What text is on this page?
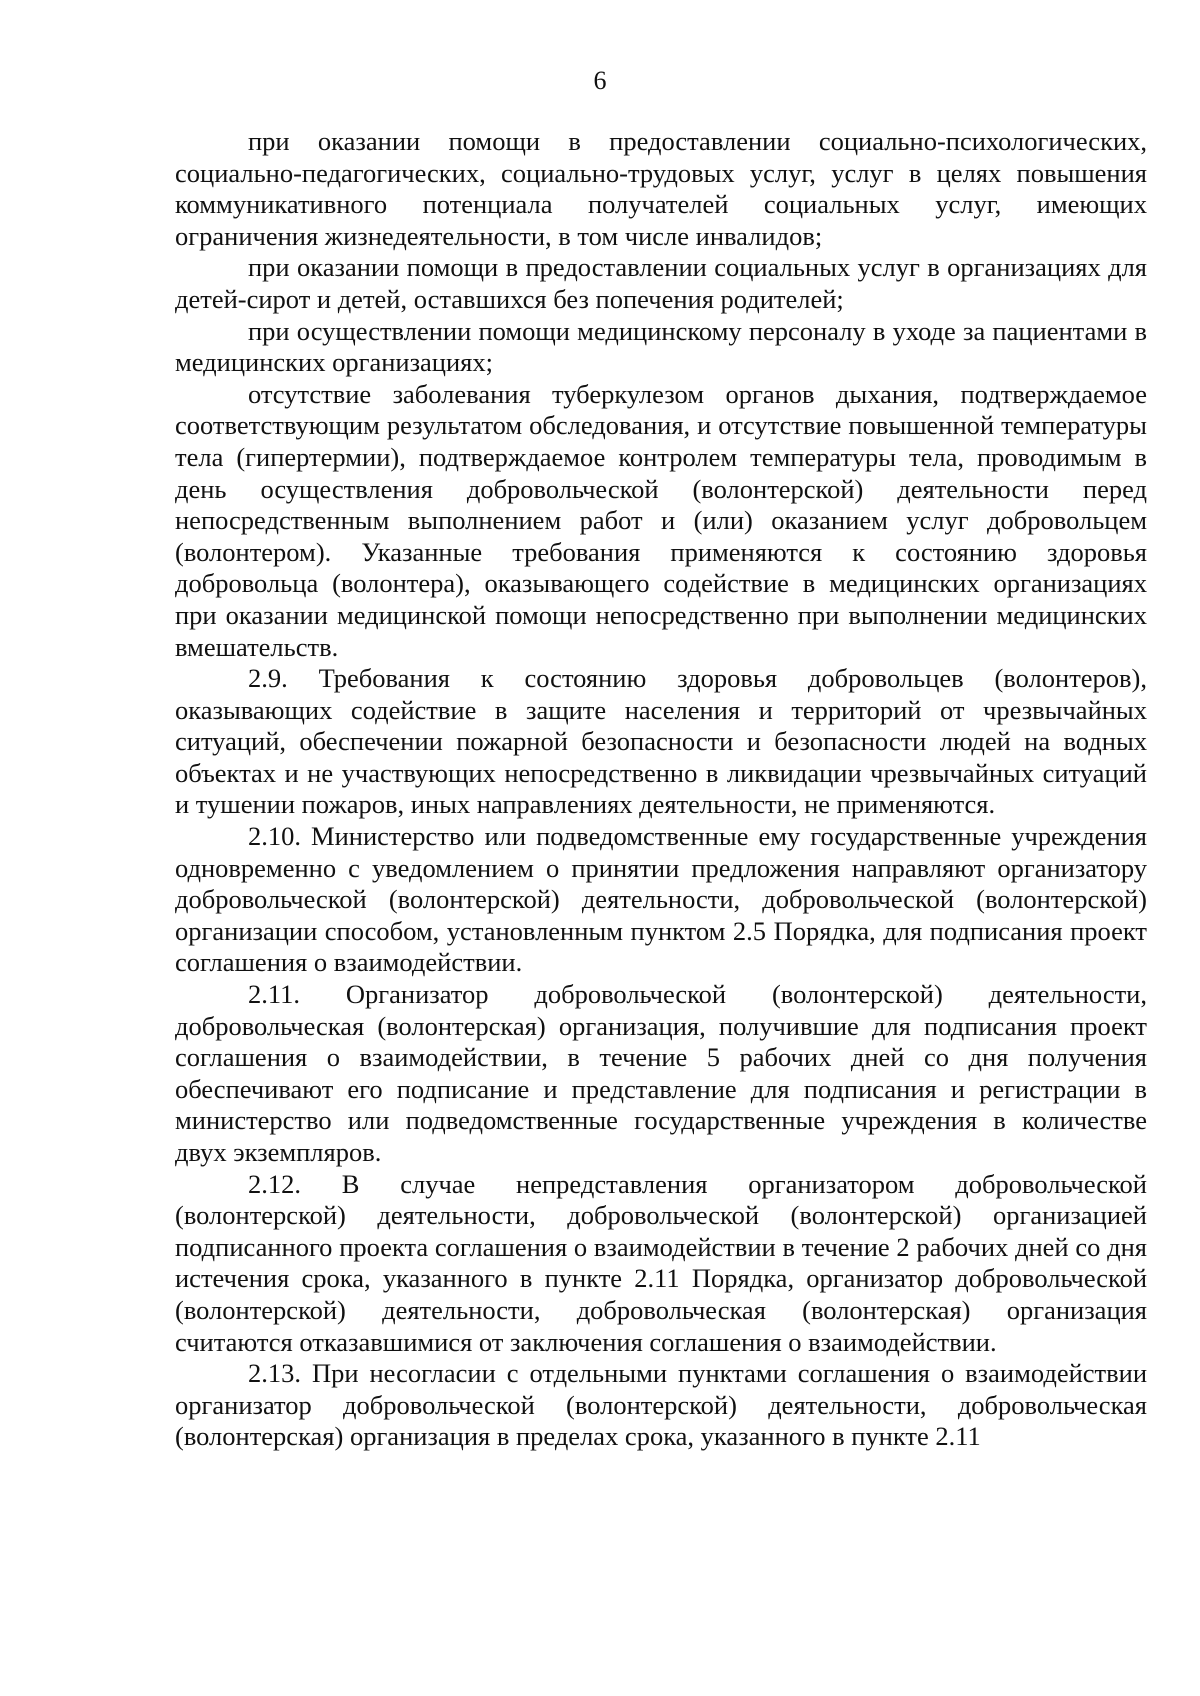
6

при оказании помощи в предоставлении социально-психологических, социально-педагогических, социально-трудовых услуг, услуг в целях повышения коммуникативного потенциала получателей социальных услуг, имеющих ограничения жизнедеятельности, в том числе инвалидов;

при оказании помощи в предоставлении социальных услуг в организациях для детей-сирот и детей, оставшихся без попечения родителей;

при осуществлении помощи медицинскому персоналу в уходе за пациентами в медицинских организациях;

отсутствие заболевания туберкулезом органов дыхания, подтверждаемое соответствующим результатом обследования, и отсутствие повышенной температуры тела (гипертермии), подтверждаемое контролем температуры тела, проводимым в день осуществления добровольческой (волонтерской) деятельности перед непосредственным выполнением работ и (или) оказанием услуг добровольцем (волонтером). Указанные требования применяются к состоянию здоровья добровольца (волонтера), оказывающего содействие в медицинских организациях при оказании медицинской помощи непосредственно при выполнении медицинских вмешательств.

2.9. Требования к состоянию здоровья добровольцев (волонтеров), оказывающих содействие в защите населения и территорий от чрезвычайных ситуаций, обеспечении пожарной безопасности и безопасности людей на водных объектах и не участвующих непосредственно в ликвидации чрезвычайных ситуаций и тушении пожаров, иных направлениях деятельности, не применяются.

2.10. Министерство или подведомственные ему государственные учреждения одновременно с уведомлением о принятии предложения направляют организатору добровольческой (волонтерской) деятельности, добровольческой (волонтерской) организации способом, установленным пунктом 2.5 Порядка, для подписания проект соглашения о взаимодействии.

2.11. Организатор добровольческой (волонтерской) деятельности, добровольческая (волонтерская) организация, получившие для подписания проект соглашения о взаимодействии, в течение 5 рабочих дней со дня получения обеспечивают его подписание и представление для подписания и регистрации в министерство или подведомственные государственные учреждения в количестве двух экземпляров.

2.12. В случае непредставления организатором добровольческой (волонтерской) деятельности, добровольческой (волонтерской) организацией подписанного проекта соглашения о взаимодействии в течение 2 рабочих дней со дня истечения срока, указанного в пункте 2.11 Порядка, организатор добровольческой (волонтерской) деятельности, добровольческая (волонтерская) организация считаются отказавшимися от заключения соглашения о взаимодействии.

2.13. При несогласии с отдельными пунктами соглашения о взаимодействии организатор добровольческой (волонтерской) деятельности, добровольческая (волонтерская) организация в пределах срока, указанного в пункте 2.11
